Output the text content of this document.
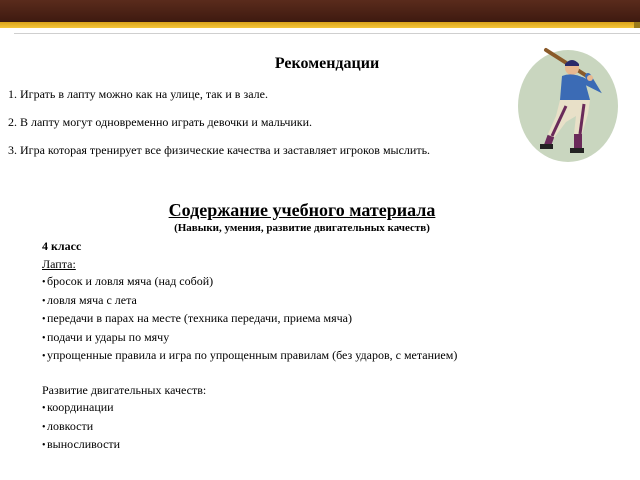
Рекомендации
1. Играть в лапту можно как на улице, так и в зале.
2. В лапту могут одновременно играть девочки и мальчики.
3. Игра которая тренирует все физические качества и заставляет игроков мыслить.
Содержание учебного материала
(Навыки, умения, развитие двигательных качеств)
4 класс
Лапта:
•бросок и ловля мяча (над собой)
•ловля мяча с лета
•передачи в парах на месте (техника передачи, приема мяча)
•подачи и удары по мячу
•упрощенные правила и игра по упрощенным правилам (без ударов, с метанием)
Развитие двигательных качеств:
•координации
•ловкости
•выносливости
